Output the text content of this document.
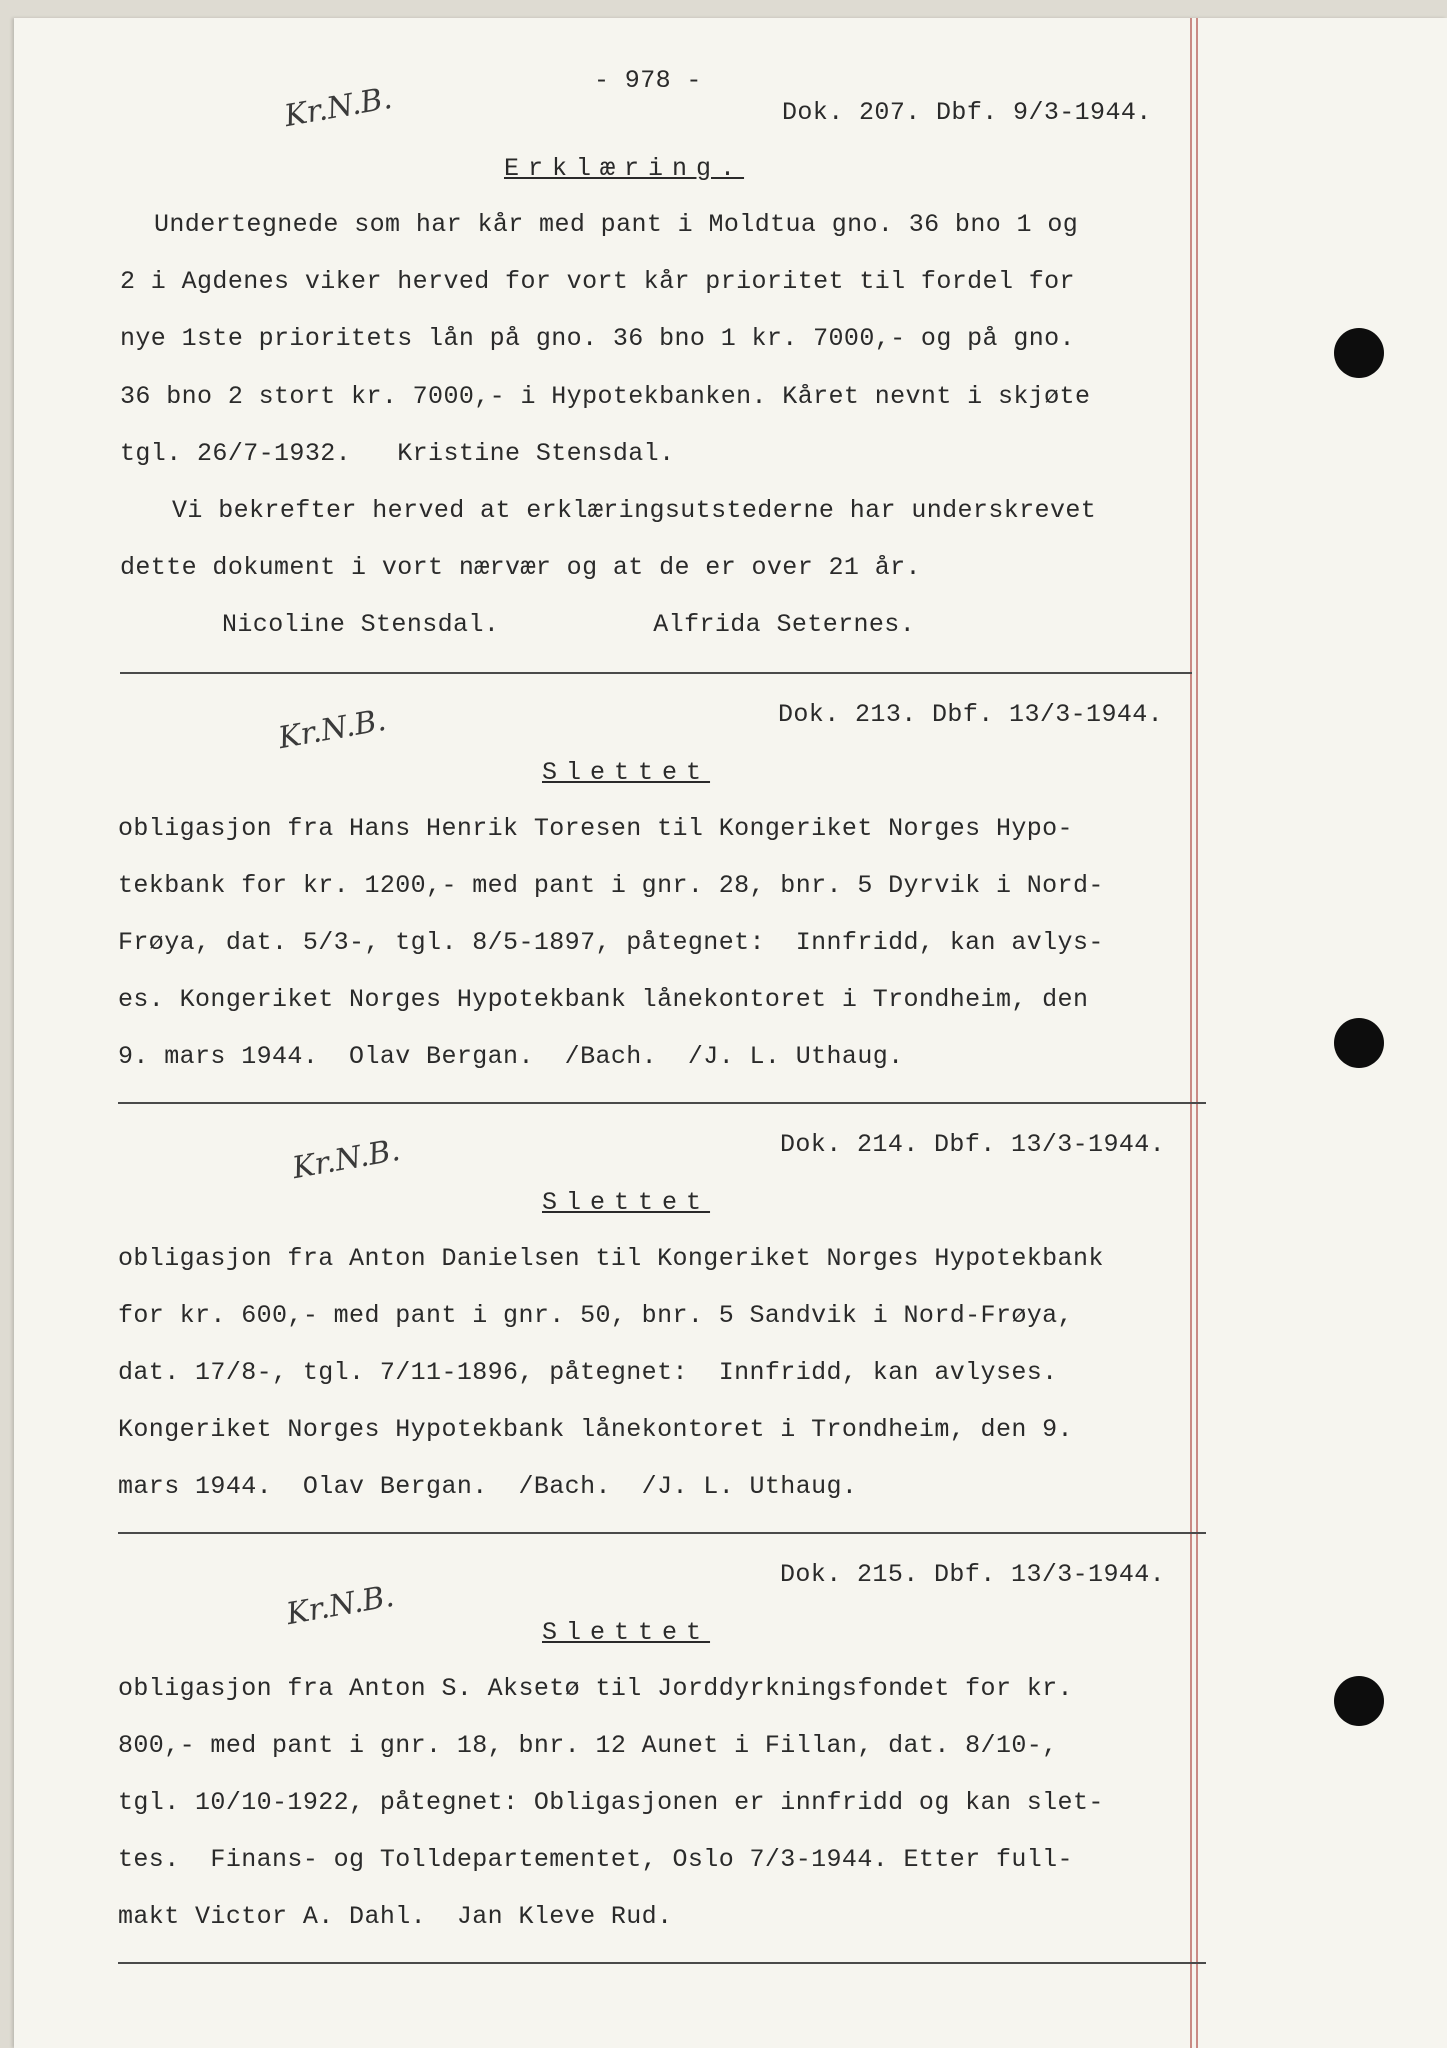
- 978 -
Dok. 207. Dbf. 9/3-1944.
Kr.N.B.
Erklæring.
Undertegnede som har kår med pant i Moldtua gno. 36 bno 1 og
2 i Agdenes viker herved for vort kår prioritet til fordel for
nye 1ste prioritets lån på gno. 36 bno 1 kr. 7000,- og på gno.
36 bno 2 stort kr. 7000,- i Hypotekbanken. Kåret nevnt i skjøte
tgl. 26/7-1932.   Kristine Stensdal.
Vi bekrefter herved at erklæringsutstederne har underskrevet
dette dokument i vort nærvær og at de er over 21 år.
Nicoline Stensdal.          Alfrida Seternes.
Dok. 213. Dbf. 13/3-1944.
Kr.N.B.
Slettet
obligasjon fra Hans Henrik Toresen til Kongeriket Norges Hypo-
tekbank for kr. 1200,- med pant i gnr. 28, bnr. 5 Dyrvik i Nord-
Frøya, dat. 5/3-, tgl. 8/5-1897, påtegnet:  Innfridd, kan avlys-
es. Kongeriket Norges Hypotekbank lånekontoret i Trondheim, den
9. mars 1944.  Olav Bergan.  /Bach.  /J. L. Uthaug.
Dok. 214. Dbf. 13/3-1944.
Kr.N.B.
Slettet
obligasjon fra Anton Danielsen til Kongeriket Norges Hypotekbank
for kr. 600,- med pant i gnr. 50, bnr. 5 Sandvik i Nord-Frøya,
dat. 17/8-, tgl. 7/11-1896, påtegnet:  Innfridd, kan avlyses.
Kongeriket Norges Hypotekbank lånekontoret i Trondheim, den 9.
mars 1944.  Olav Bergan.  /Bach.  /J. L. Uthaug.
Dok. 215. Dbf. 13/3-1944.
Kr.N.B.
Slettet
obligasjon fra Anton S. Aksetø til Jorddyrkningsfondet for kr.
800,- med pant i gnr. 18, bnr. 12 Aunet i Fillan, dat. 8/10-,
tgl. 10/10-1922, påtegnet: Obligasjonen er innfridd og kan slet-
tes.  Finans- og Tolldepartementet, Oslo 7/3-1944. Etter full-
makt Victor A. Dahl.  Jan Kleve Rud.
